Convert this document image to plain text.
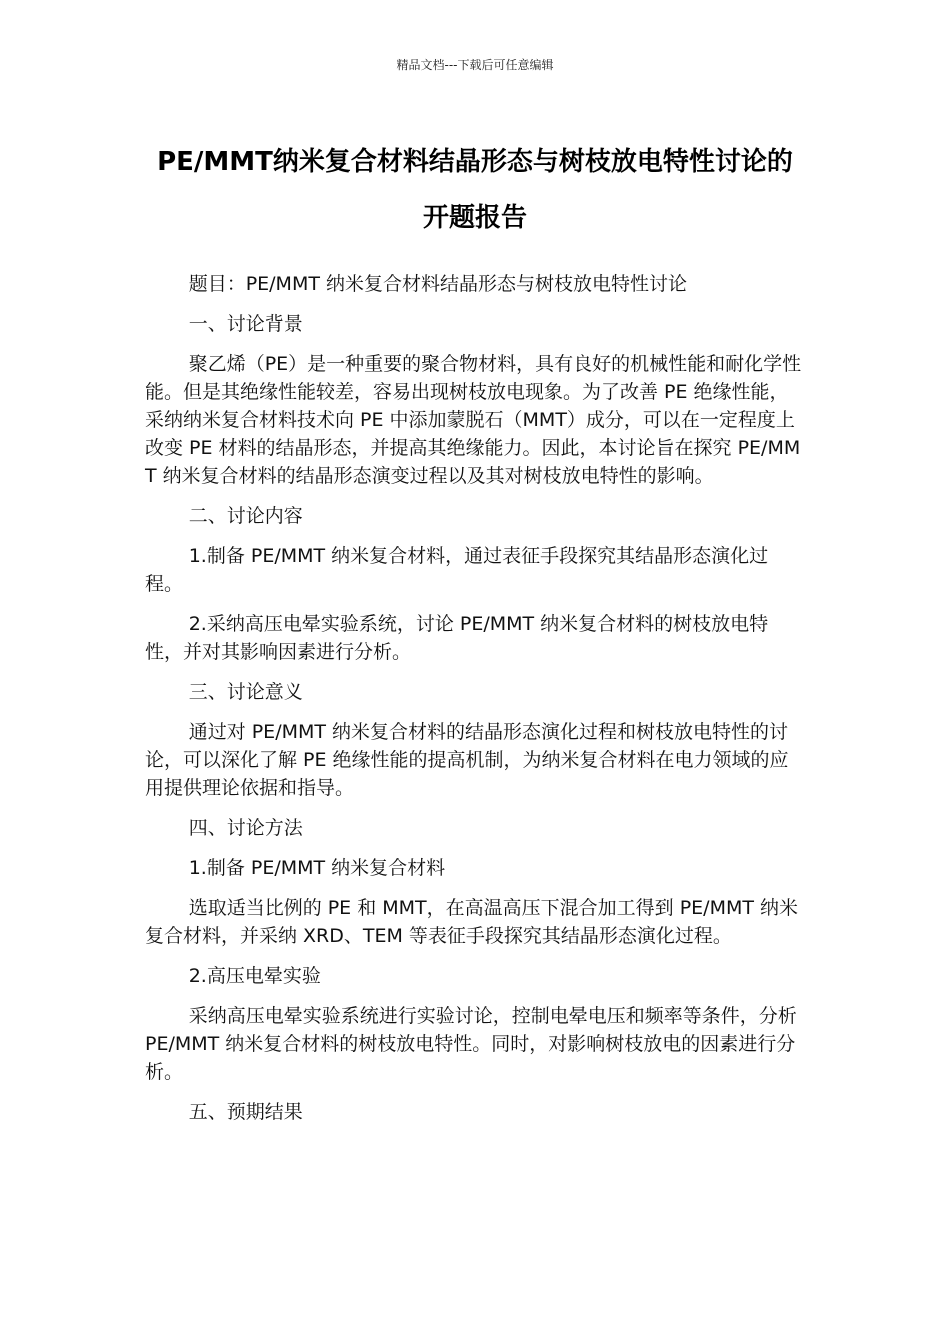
精品文档---下载后可任意编辑
PE/MMT纳米复合材料结晶形态与树枝放电特性讨论的开题报告
题目：PE/MMT 纳米复合材料结晶形态与树枝放电特性讨论
一、讨论背景
聚乙烯（PE）是一种重要的聚合物材料，具有良好的机械性能和耐化学性能。但是其绝缘性能较差，容易出现树枝放电现象。为了改善 PE 绝缘性能，采纳纳米复合材料技术向 PE 中添加蒙脱石（MMT）成分，可以在一定程度上改变 PE 材料的结晶形态，并提高其绝缘能力。因此，本讨论旨在探究 PE/MMT 纳米复合材料的结晶形态演变过程以及其对树枝放电特性的影响。
二、讨论内容
1.制备 PE/MMT 纳米复合材料，通过表征手段探究其结晶形态演化过程。
2.采纳高压电晕实验系统，讨论 PE/MMT 纳米复合材料的树枝放电特性，并对其影响因素进行分析。
三、讨论意义
通过对 PE/MMT 纳米复合材料的结晶形态演化过程和树枝放电特性的讨论，可以深化了解 PE 绝缘性能的提高机制，为纳米复合材料在电力领域的应用提供理论依据和指导。
四、讨论方法
1.制备 PE/MMT 纳米复合材料
选取适当比例的 PE 和 MMT，在高温高压下混合加工得到 PE/MMT 纳米复合材料，并采纳 XRD、TEM 等表征手段探究其结晶形态演化过程。
2.高压电晕实验
采纳高压电晕实验系统进行实验讨论，控制电晕电压和频率等条件，分析 PE/MMT 纳米复合材料的树枝放电特性。同时，对影响树枝放电的因素进行分析。
五、预期结果
